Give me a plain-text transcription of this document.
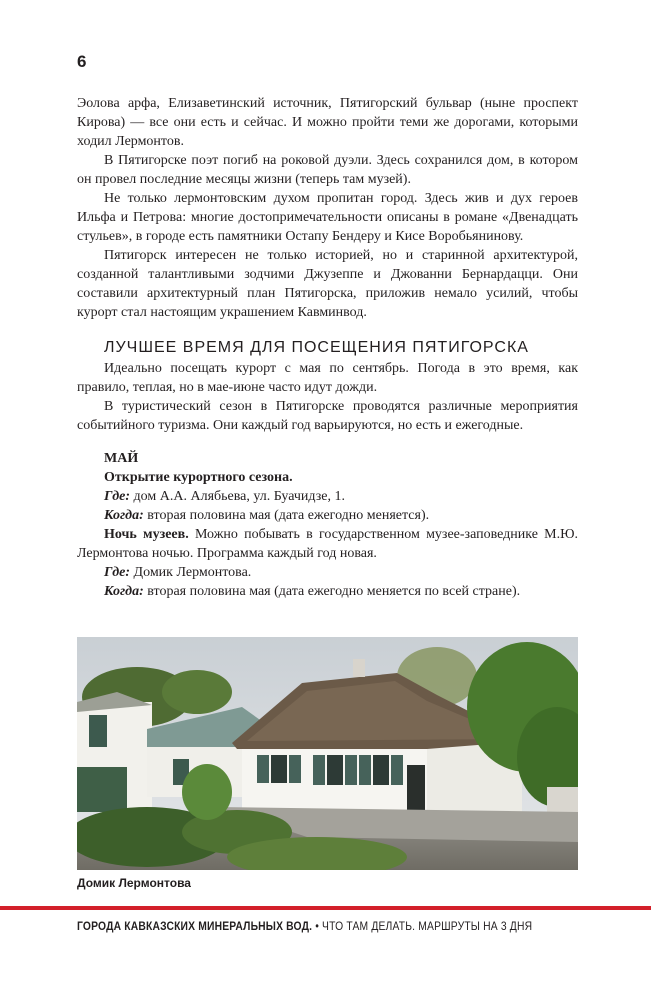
6

Эолова арфа, Елизаветинский источник, Пятигорский бульвар (ныне проспект Кирова) — все они есть и сейчас. И можно пройти теми же дорогами, которыми ходил Лермонтов.

В Пятигорске поэт погиб на роковой дуэли. Здесь сохранился дом, в котором он провел последние месяцы жизни (теперь там музей).

Не только лермонтовским духом пропитан город. Здесь жив и дух героев Ильфа и Петрова: многие достопримечательности описаны в романе «Двенадцать стульев», в городе есть памятники Остапу Бендеру и Кисе Воробьянинову.

Пятигорск интересен не только историей, но и старинной архитектурой, созданной талантливыми зодчими Джузеппе и Джованни Бернардацци. Они составили архитектурный план Пятигорска, приложив немало усилий, чтобы курорт стал настоящим украшением Кавминвод.

ЛУЧШЕЕ ВРЕМЯ ДЛЯ ПОСЕЩЕНИЯ ПЯТИГОРСКА

Идеально посещать курорт с мая по сентябрь. Погода в это время, как правило, теплая, но в мае-июне часто идут дожди.

В туристический сезон в Пятигорске проводятся различные мероприятия событийного туризма. Они каждый год варьируются, но есть и ежегодные.

МАЙ

Открытие курортного сезона.

Где: дом А.А. Алябьева, ул. Буачидзе, 1.

Когда: вторая половина мая (дата ежегодно меняется).

Ночь музеев. Можно побывать в государственном музее-заповеднике М.Ю. Лермонтова ночью. Программа каждый год новая.

Где: Домик Лермонтова.

Когда: вторая половина мая (дата ежегодно меняется по всей стране).

Домик Лермонтова
ГОРОДА КАВКАЗСКИХ МИНЕРАЛЬНЫХ ВОД. • ЧТО ТАМ ДЕЛАТЬ. МАРШРУТЫ НА 3 ДНЯ
